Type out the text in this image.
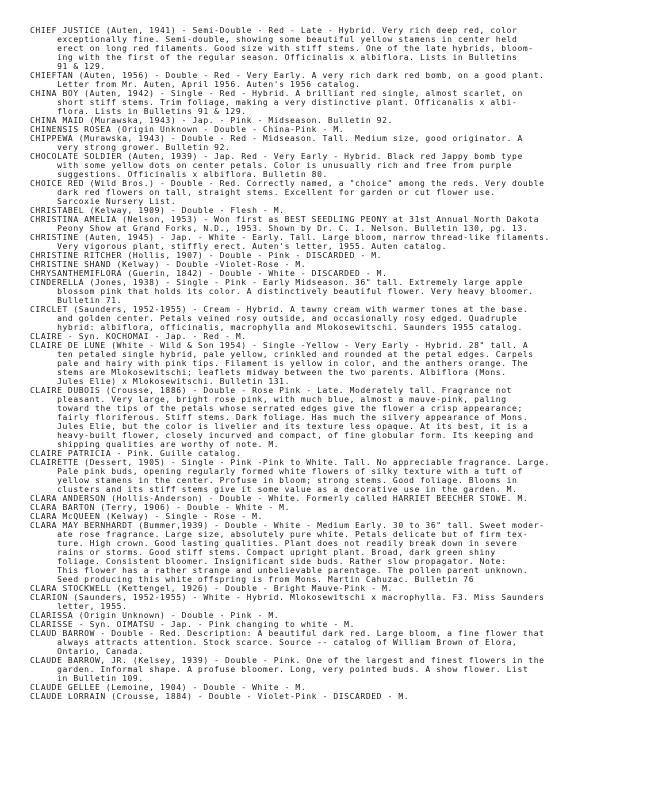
CHIEF JUSTICE (Auten, 1941) - Semi-Double - Red - Late - Hybrid. Very rich deep red, color
exceptionally fine. Semi-double, showing some beautiful yellow stamens in center held
erect on long red filaments. Good size with stiff stems. One of the late hybrids, bloom-
ing with the first of the regular season. Officinalis x albiflora. Lists in Bulletins
91 & 129.
CHIEFTAN (Auten, 1956) - Double - Red - Very Early. A very rich dark red bomb, on a good plant.
Letter from Mr. Auten, April 1956. Auten's 1956 catalog.
CHINA BOY (Auten, 1942) - Single - Red - Hybrid. A brilliant red single, almost scarlet, on
short stiff stems. Trim foliage, making a very distinctive plant. Officanalis x albi-
flora. Lists in Bulletins 91 & 129.
CHINA MAID (Murawska, 1943) - Jap. - Pink - Midseason. Bulletin 92.
CHINENSIS ROSEA (Origin Unknown - Double - China-Pink - M.
CHIPPEWA (Murawska, 1943) - Double - Red - Midseason. Tall. Medium size, good originator. A
very strong grower. Bulletin 92.
CHOCOLATE SOLDIER (Auten, 1939) - Jap. Red - Very Early - Hybrid. Black red Jappy bomb type
with some yellow dots on center petals. Color is unusually rich and free from purple
suggestions. Officinalis x albiflora. Bulletin 80.
CHOICE RED (Wild Bros.) - Double - Red. Correctly named, a "choice" among the reds. Very double
dark red flowers on tall, straight stems. Excellent for garden or cut flower use.
Sarcoxie Nursery List.
CHRISTABEL (Kelway, 1909) - Double - Flesh - M.
CHRISTINA AMELIA (Nelson, 1953) - Won first as BEST SEEDLING PEONY at 31st Annual North Dakota
Peony Show at Grand Forks, N.D., 1953. Shown by Dr. C. I. Nelson. Bulletin 130, pg. 13.
CHRISTINE (Auten, 1945) - Jap. - White - Early. Tall. Large bloom, narrow thread-like filaments.
Very vigorous plant, stiffly erect. Auten's letter, 1955. Auten catalog.
CHRISTINE RITCHER (Hollis, 1907) - Double - Pink - DISCARDED - M.
CHRISTINE SHAND (Kelway) - Double -Violet-Rose - M.
CHRYSANTHEMIFLORA (Guerin, 1842) - Double - White - DISCARDED - M.
CINDERELLA (Jones, 1938) - Single - Pink - Early Midseason. 36" tall. Extremely large apple
blossom pink that holds its color. A distinctively beautiful flower. Very heavy bloomer.
Bulletin 71.
CIRCLET (Saunders, 1952-1955) - Cream - Hybrid. A tawny cream with warmer tones at the base.
and golden center. Petals veined rosy outside, and occasionally rosy edged. Quadruple
hybrid: albiflora, officinalis, macrophylla and Mlokosewitschi. Saunders 1955 catalog.
CLAIRE - Syn. KOCHOMAI - Jap. - Red - M.
CLAIRE DE LUNE (White - Wild & Son 1954) - Single -Yellow - Very Early - Hybrid. 28" tall. A
ten petaled single hybrid, pale yellow, crinkled and rounded at the petal edges. Carpels
pale and hairy with pink tips. Filament is yellow in color, and the anthers orange. The
stems are Mlokosewitschi; leaflets midway between the two parents. Albiflora (Mons.
Jules Elie) x Mlokosewitschi. Bulletin 131.
CLAIRE DUBOIS (Crousse, 1886) - Double - Rose Pink - Late. Moderately tall. Fragrance not
pleasant. Very large, bright rose pink, with much blue, almost a mauve-pink, paling
toward the tips of the petals whose serrated edges give the flower a crisp appearance;
fairly floriferous. Stiff stems. Dark foliage. Has much the silvery appearance of Mons.
Jules Elie, but the color is livelier and its texture less opaque. At its best, it is a
heavy-built flower, closely incurved and compact, of fine globular form. Its keeping and
shipping qualities are worthy of note. M.
CLAIRE PATRICIA - Pink. Guille catalog.
CLAIRETTE (Dessert, 1905) - Single - Pink -Pink to White. Tall. No appreciable fragrance. Large.
Pale pink buds, opening regularly formed white flowers of silky texture with a tuft of
yellow stamens in the center. Profuse in bloom; strong stems. Good foliage. Blooms in
clusters and its stiff stems give it some value as a decorative use in the garden. M.
CLARA ANDERSON (Hollis-Anderson) - Double - White. Formerly called HARRIET BEECHER STOWE. M.
CLARA BARTON (Terry, 1906) - Double - White - M.
CLARA McQUEEN (Kelway) - Single - Rose - M.
CLARA MAY BERNHARDT (Bummer,1939) - Double - White - Medium Early. 30 to 36" tall. Sweet moder-
ate rose fragrance. Large size, absolutely pure white. Petals delicate but of firm tex-
ture. High crown. Good lasting qualities. Plant does not readily break down in severe
rains or storms. Good stiff stems. Compact upright plant. Broad, dark green shiny
foliage. Consistent bloomer. Insignificant side buds. Rather slow propagator. Note:
This flower has a rather strange and unbelievable parentage. The pollen parent unknown.
Seed producing this white offspring is from Mons. Martin Cahuzac. Bulletin 76
CLARA STOCKWELL (Kettengel, 1926) - Double - Bright Mauve-Pink - M.
CLARION (Saunders, 1952-1955) - White - Hybrid. Mlokosewitschi x macrophylla. F3. Miss Saunders
letter, 1955.
CLARISSA (Origin Unknown) - Double - Pink - M.
CLARISSE - Syn. OIMATSU - Jap. - Pink changing to white - M.
CLAUD BARROW - Double - Red. Description: A beautiful dark red. Large bloom, a fine flower that
always attracts attention. Stock scarce. Source -- catalog of William Brown of Elora,
Ontario, Canada.
CLAUDE BARROW, JR. (Kelsey, 1939) - Double - Pink. One of the largest and finest flowers in the
garden. Informal shape. A profuse bloomer. Long, very pointed buds. A show flower. List
in Bulletin 109.
CLAUDE GELLEE (Lemoine, 1904) - Double - White - M.
CLAUDE LORRAIN (Crousse, 1884) - Double - Violet-Pink - DISCARDED - M.
